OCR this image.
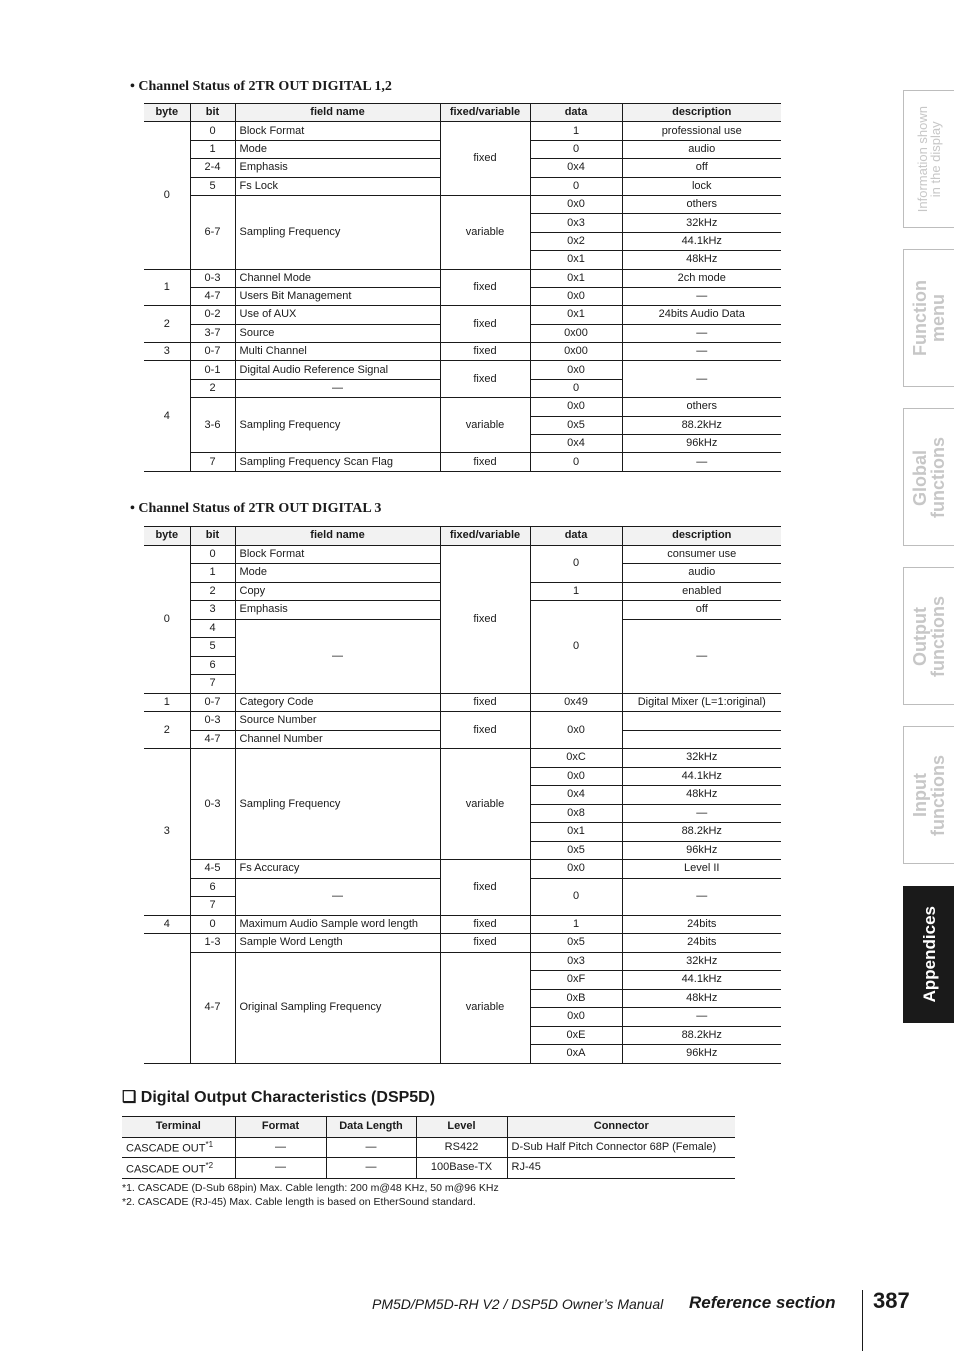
• Channel Status of 2TR OUT DIGITAL 1,2
byte	bit	field name	fixed/variable	data	description
0	0	Block Format	fixed	1	professional use
	1	Mode		0	audio
	2-4	Emphasis		0x4	off
	5	Fs Lock		0	lock
	6-7	Sampling Frequency	variable	0x0	others
				0x3	32kHz
				0x2	44.1kHz
				0x1	48kHz
1	0-3	Channel Mode	fixed	0x1	2ch mode
	4-7	Users Bit Management		0x0	—
2	0-2	Use of AUX	fixed	0x1	24bits Audio Data
	3-7	Source		0x00	—
3	0-7	Multi Channel	fixed	0x00	—
4	0-1	Digital Audio Reference Signal	fixed	0x0	—
	2	—		0	
	3-6	Sampling Frequency	variable	0x0	others
				0x5	88.2kHz
				0x4	96kHz
	7	Sampling Frequency Scan Flag	fixed	0	—
• Channel Status of 2TR OUT DIGITAL 3
byte	bit	field name	fixed/variable	data	description
0	0	Block Format	fixed	0	consumer use
	1	Mode			audio
	2	Copy		1	enabled
	3	Emphasis		0	off
	4	—			—
	5				
	6				
	7				
1	0-7	Category Code	fixed	0x49	Digital Mixer (L=1:original)
2	0-3	Source Number	fixed	0x0	
	4-7	Channel Number			
3	0-3	Sampling Frequency	variable	0xC	32kHz
				0x0	44.1kHz
				0x4	48kHz
				0x8	—
				0x1	88.2kHz
				0x5	96kHz
	4-5	Fs Accuracy	fixed	0x0	Level II
	6	—		0	—
	7				
4	0	Maximum Audio Sample word length	fixed	1	24bits
	1-3	Sample Word Length	fixed	0x5	24bits
	4-7	Original Sampling Frequency	variable	0x3	32kHz
				0xF	44.1kHz
				0xB	48kHz
				0x0	—
				0xE	88.2kHz
				0xA	96kHz
❑ Digital Output Characteristics (DSP5D)
Terminal	Format	Data Length	Level	Connector
CASCADE OUT$^{*1}$	—	—	RS422	D-Sub Half Pitch Connector 68P (Female)
CASCADE OUT$^{*2}$	—	—	100Base-TX	RJ-45
*1. CASCADE (D-Sub 68pin) Max. Cable length: 200 m@48 KHz, 50 m@96 KHz
*2. CASCADE (RJ-45) Max. Cable length is based on EtherSound standard.
Information shown
in the display
Function
menu
Global
functions
Output
functions
Input
functions
Appendices
PM5D/PM5D-RH V2 / DSP5D Owner’s Manual Reference section 387
